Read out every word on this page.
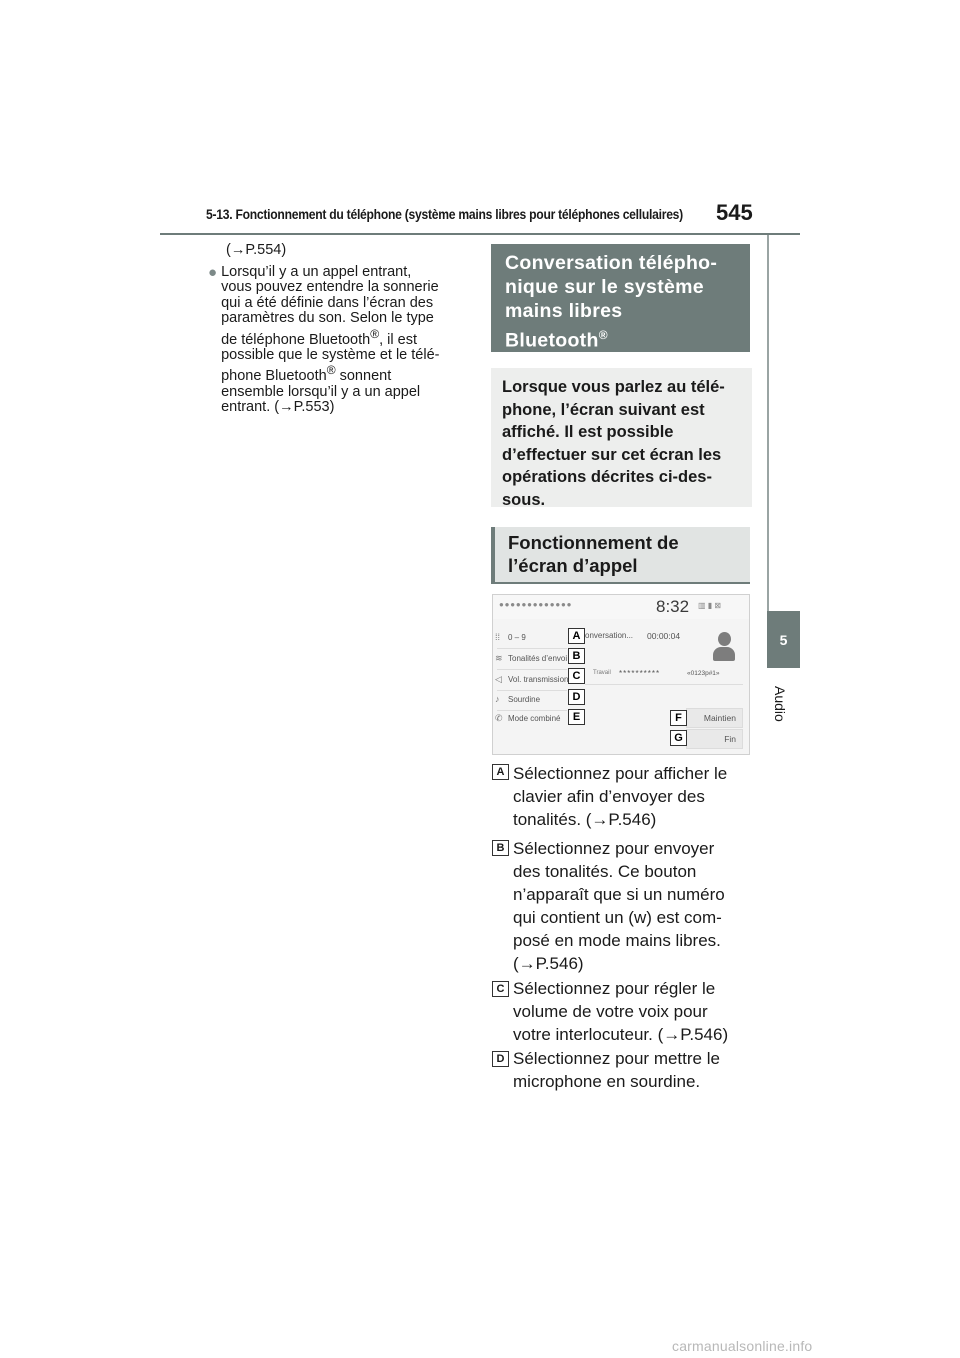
5-13. Fonctionnement du téléphone (système mains libres pour téléphones cellulaires) 545
5
Audio
(→P.554)
● Lorsqu’il y a un appel entrant,
vous pouvez entendre la sonnerie
qui a été définie dans l’écran des
paramètres du son. Selon le type
de téléphone Bluetooth®, il est
possible que le système et le télé-
phone Bluetooth® sonnent
ensemble lorsqu’il y a un appel
entrant. (→P.553)
Conversation télépho-
nique sur le système
mains libres
Bluetooth®
Lorsque vous parlez au télé-
phone, l’écran suivant est
affiché. Il est possible
d’effectuer sur cet écran les
opérations décrites ci-des-
sous.
Fonctionnement de
l’écran d’appel
●●●●●●●●●●●●●	8:32 ▥ ▮ ⊠
⁞⁞ 0 – 9
≋ Tonalités d’envoi
◁ Vol. transmission
♪	Sourdine
✆ Mode combiné
onversation... 00:00:04
Travail **********	«0123p#1»
Maintien
Fin
A
B
C
D
E	F
G
A Sélectionnez pour afficher le
clavier afin d’envoyer des
tonalités. (→P.546)
B Sélectionnez pour envoyer
des tonalités. Ce bouton
n’apparaît que si un numéro
qui contient un (w) est com-
posé en mode mains libres.
(→P.546)
C Sélectionnez pour régler le
volume de votre voix pour
votre interlocuteur. (→P.546)
D Sélectionnez pour mettre le
microphone en sourdine.
carmanualsonline.info
